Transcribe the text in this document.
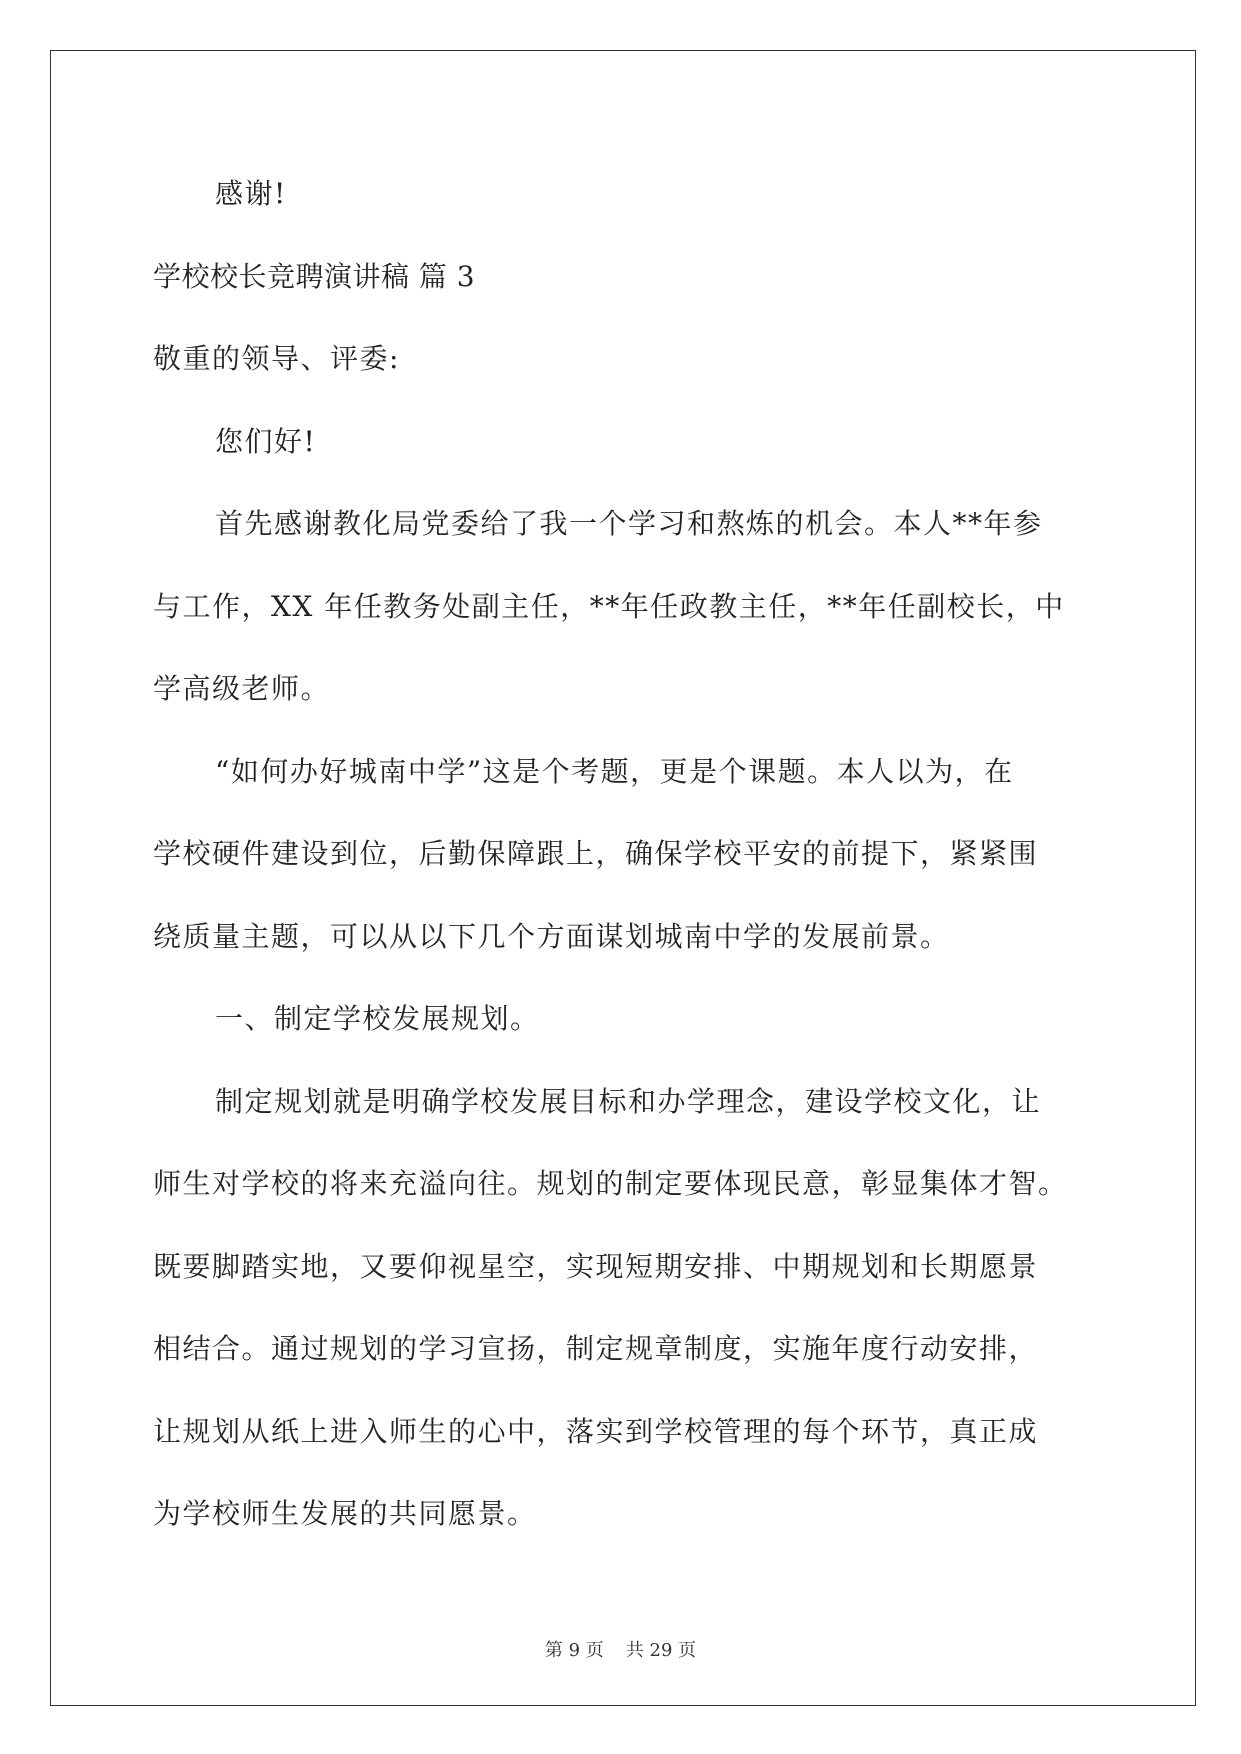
感谢!
学校校长竞聘演讲稿 篇 3
敬重的领导、评委:
您们好!
首先感谢教化局党委给了我一个学习和熬炼的机会。本人**年参
与工作，XX 年任教务处副主任，**年任政教主任，**年任副校长，中
学高级老师。
“如何办好城南中学”这是个考题，更是个课题。本人以为，在
学校硬件建设到位，后勤保障跟上，确保学校平安的前提下，紧紧围
绕质量主题，可以从以下几个方面谋划城南中学的发展前景。
一、制定学校发展规划。
制定规划就是明确学校发展目标和办学理念，建设学校文化，让
师生对学校的将来充溢向往。规划的制定要体现民意，彰显集体才智。
既要脚踏实地，又要仰视星空，实现短期安排、中期规划和长期愿景
相结合。通过规划的学习宣扬，制定规章制度，实施年度行动安排，
让规划从纸上进入师生的心中，落实到学校管理的每个环节，真正成
为学校师生发展的共同愿景。
第 9 页 共 29 页
